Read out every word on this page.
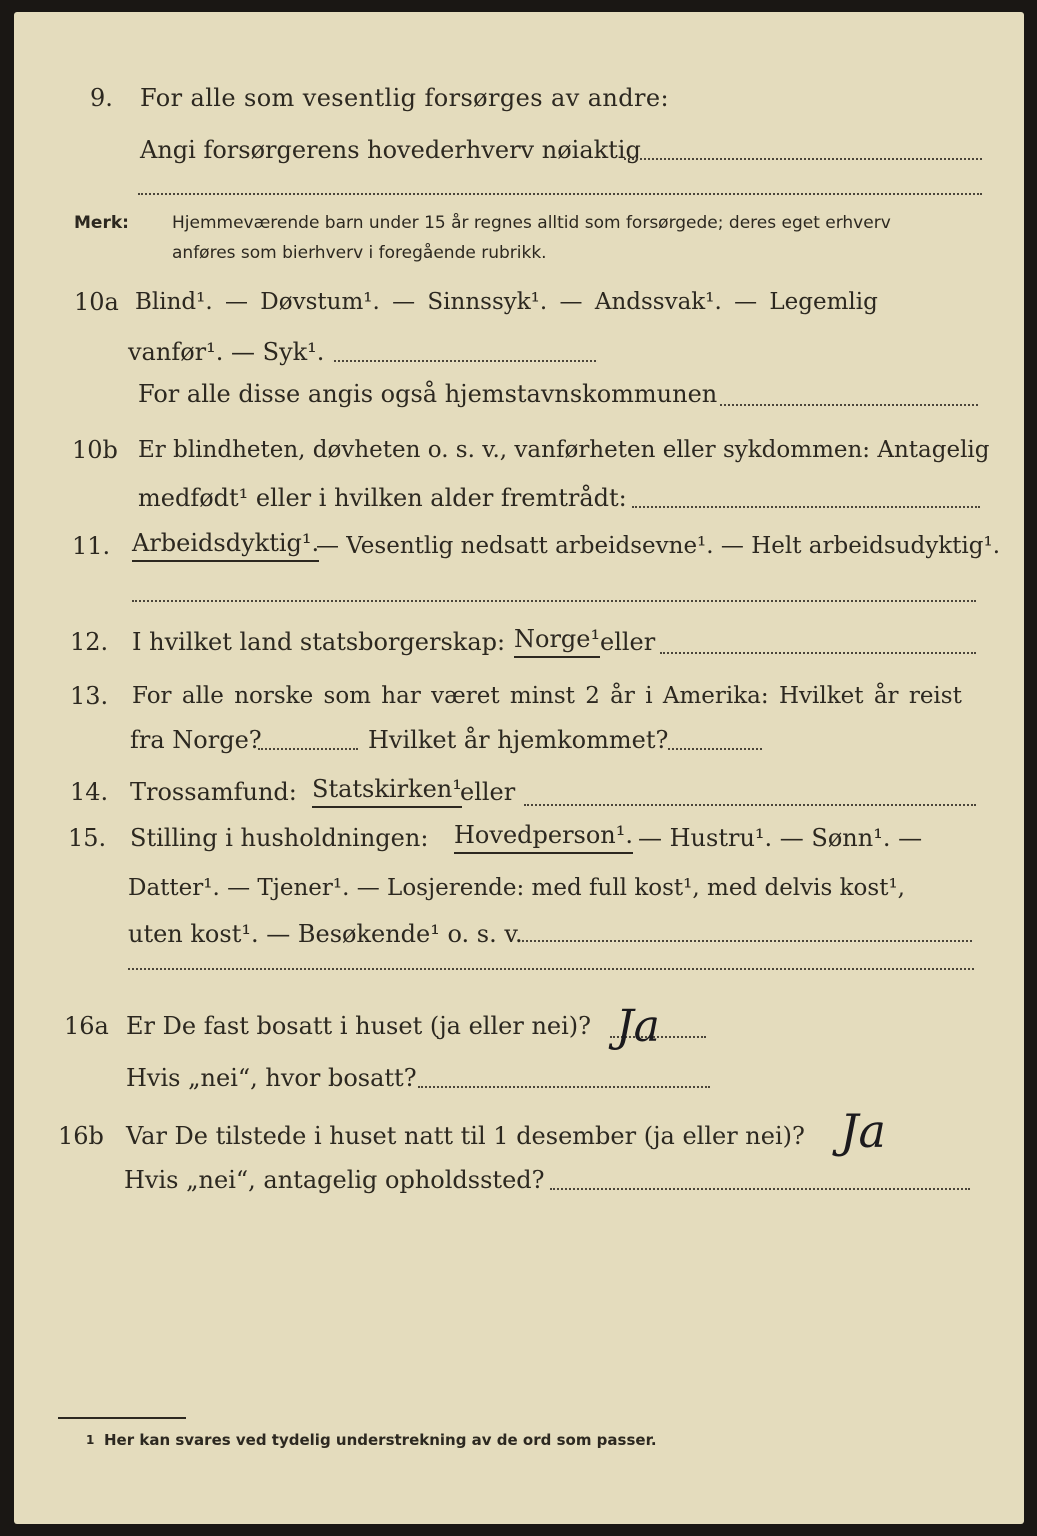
9. For alle som vesentlig forsørges av andre:
Angi forsørgerens hovederhverv nøiaktig
Merk:	Hjemmeværende barn under 15 år regnes alltid som forsørgede; deres eget erhverv
anføres som bierhverv i foregående rubrikk.
10a Blind¹. — Døvstum¹. — Sinnssyk¹. — Andssvak¹. — Legemlig
vanfør¹. — Syk¹.
For alle disse angis også hjemstavnskommunen
10b Er blindheten, døvheten o. s. v., vanførheten eller sykdommen: Antagelig
medfødt¹ eller i hvilken alder fremtrådt:
11. Arbeidsdyktig¹.
— Vesentlig nedsatt arbeidsevne¹. — Helt arbeidsudyktig¹.
12. I hvilket land statsborgerskap: Norge¹ eller
13. For alle norske som har været minst 2 år i Amerika: Hvilket år reist
fra Norge?	Hvilket år hjemkommet?
14. Trossamfund: Statskirken¹
eller
15. Stilling i husholdningen: Hovedperson¹. — Hustru¹. — Sønn¹. —
Datter¹. — Tjener¹. — Losjerende: med full kost¹, med delvis kost¹,
uten kost¹. — Besøkende¹ o. s. v.
16a Er De fast bosatt i huset (ja eller nei)? Ja
Hvis „nei“, hvor bosatt?
16b Var De tilstede i huset natt til 1 desember (ja eller nei)? Ja
Hvis „nei“, antagelig opholdssted?
1 Her kan svares ved tydelig understrekning av de ord som passer.
